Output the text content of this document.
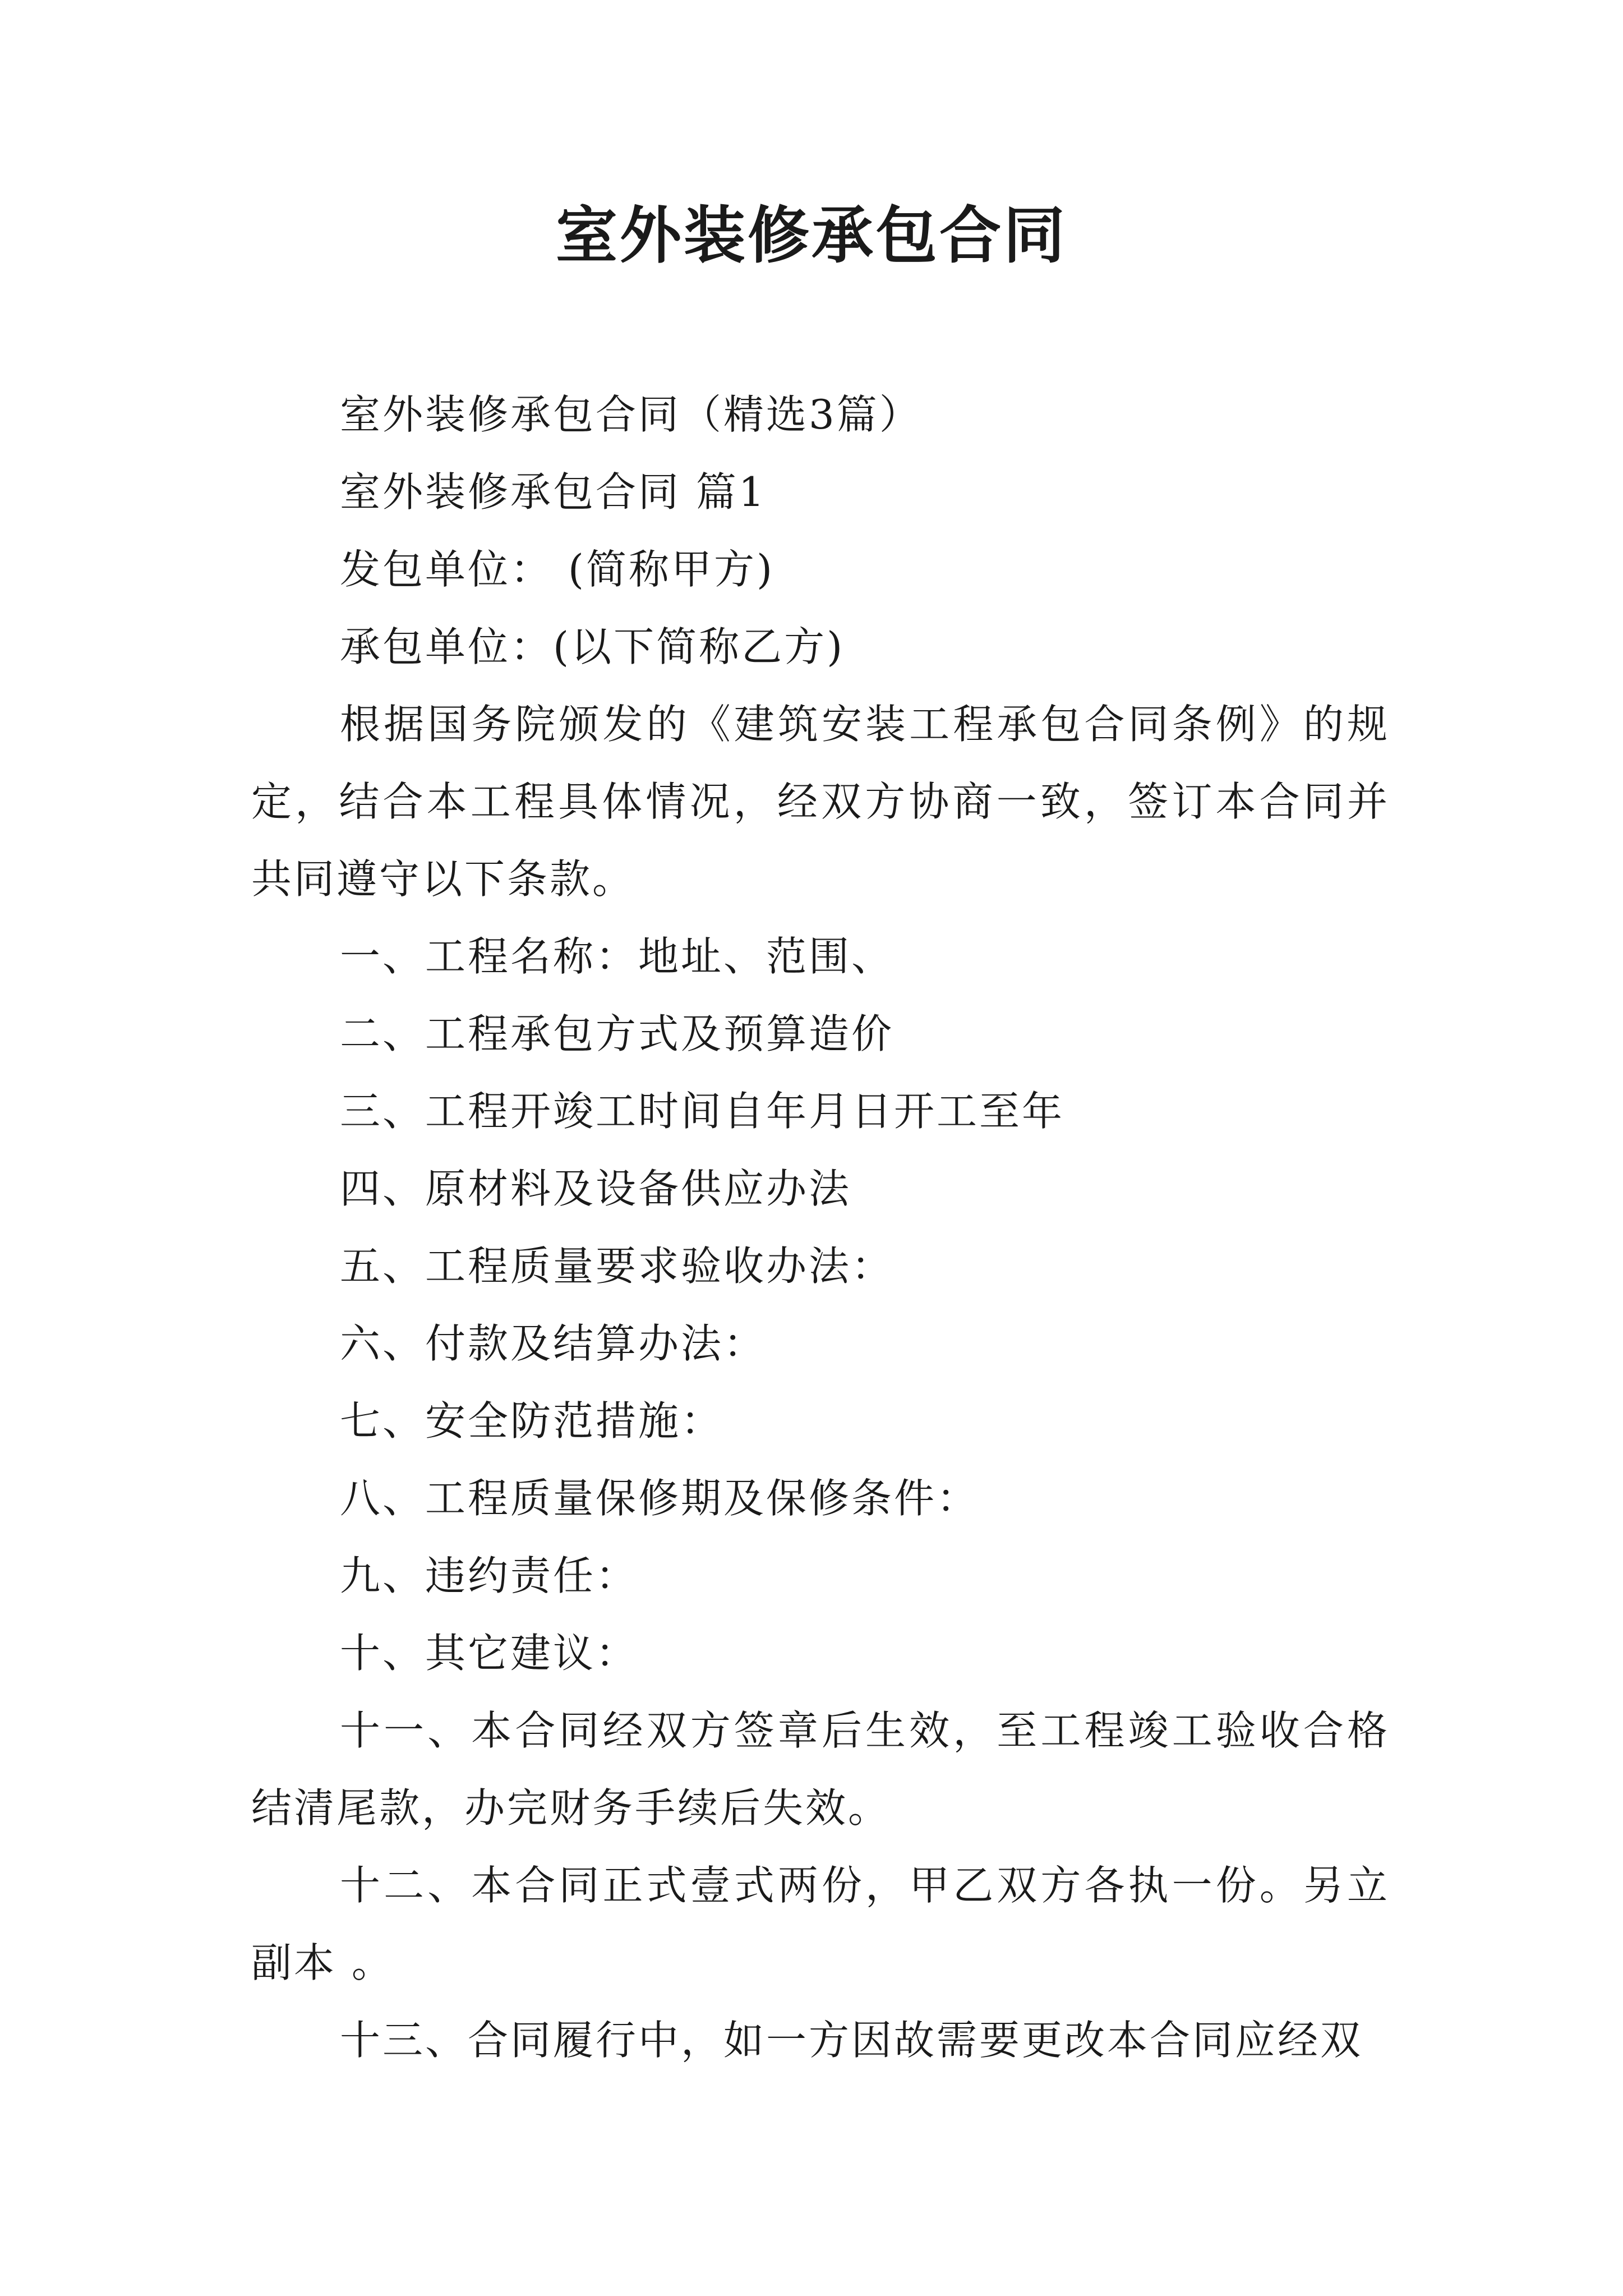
室外装修承包合同

室外装修承包合同（精选3篇）

室外装修承包合同 篇1

发包单位： (简称甲方)

承包单位：(以下简称乙方)

根据国务院颁发的《建筑安装工程承包合同条例》的规定，结合本工程具体情况，经双方协商一致，签订本合同并共同遵守以下条款。

一、工程名称：地址、范围、

二、工程承包方式及预算造价

三、工程开竣工时间自年月日开工至年

四、原材料及设备供应办法

五、工程质量要求验收办法：

六、付款及结算办法：

七、安全防范措施：

八、工程质量保修期及保修条件：

九、违约责任：

十、其它建议：

十一、本合同经双方签章后生效，至工程竣工验收合格结清尾款，办完财务手续后失效。

十二、本合同正式壹式两份，甲乙双方各执一份。另立副本 。

十三、合同履行中，如一方因故需要更改本合同应经双
